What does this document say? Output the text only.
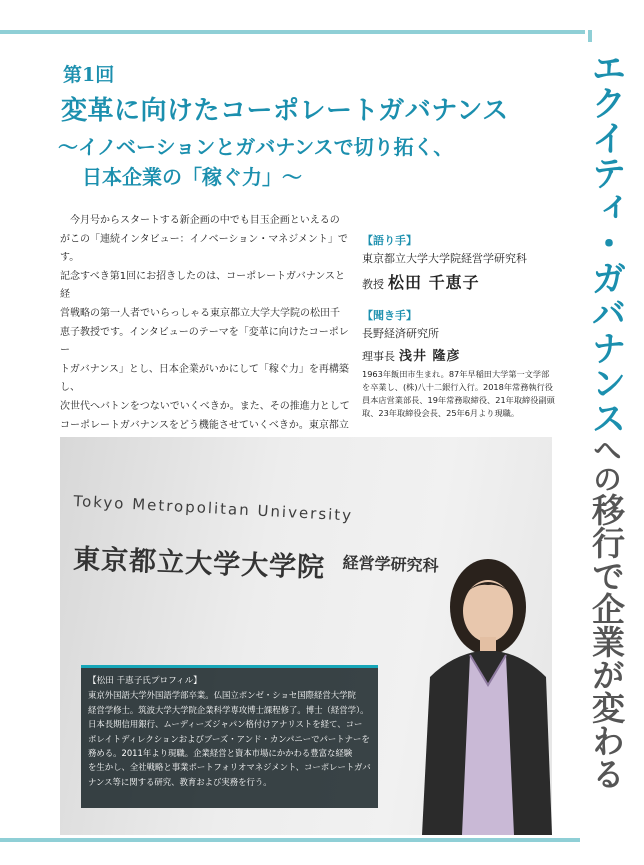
第1回
変革に向けたコーポレートガバナンス
〜イノベーションとガバナンスで切り拓く、
日本企業の「稼ぐ力」〜
今月号からスタートする新企画の中でも目玉企画といえるの
がこの「連続インタビュー：イノベーション・マネジメント」です。
記念すべき第1回にお招きしたのは、コーポレートガバナンスと経
営戦略の第一人者でいらっしゃる東京都立大学大学院の松田千
恵子教授です。インタビューのテーマを「変革に向けたコーポレー
トガバナンス」とし、日本企業がいかにして「稼ぐ力」を再構築し、
次世代へバトンをつないでいくべきか。また、その推進力として
コーポレートガバナンスをどう機能させていくべきか。東京都立
【語り手】
東京都立大学大学院経営学研究科
教授 松田 千恵子
【聞き手】
長野経済研究所
理事長 浅井 隆彦
1963年飯田市生まれ。87年早稲田大学第一文学部
を卒業し、(株)八十二銀行入行。2018年常務執行役
員本店営業部長、19年常務取締役、21年取締役副頭
取、23年取締役会長、25年6月より現職。
Tokyo Metropolitan University
東京都立大学大学院 経営学研究科
【松田 千恵子氏プロフィル】
東京外国語大学外国語学部卒業。仏国立ポンゼ・ショセ国際経営大学院
経営学修士。筑波大学大学院企業科学専攻博士課程修了。博士（経営学）。
日本長期信用銀行、ムーディーズジャパン格付けアナリストを経て、コー
ポレイトディレクションおよびブーズ・アンド・カンパニーでパートナーを
務める。2011年より現職。企業経営と資本市場にかかわる豊富な経験
を生かし、全社戦略と事業ポートフォリオマネジメント、コーポレートガバ
ナンス等に関する研究、教育および実務を行う。
エクイティ・ガバナンスへの移行で企業が変わる
